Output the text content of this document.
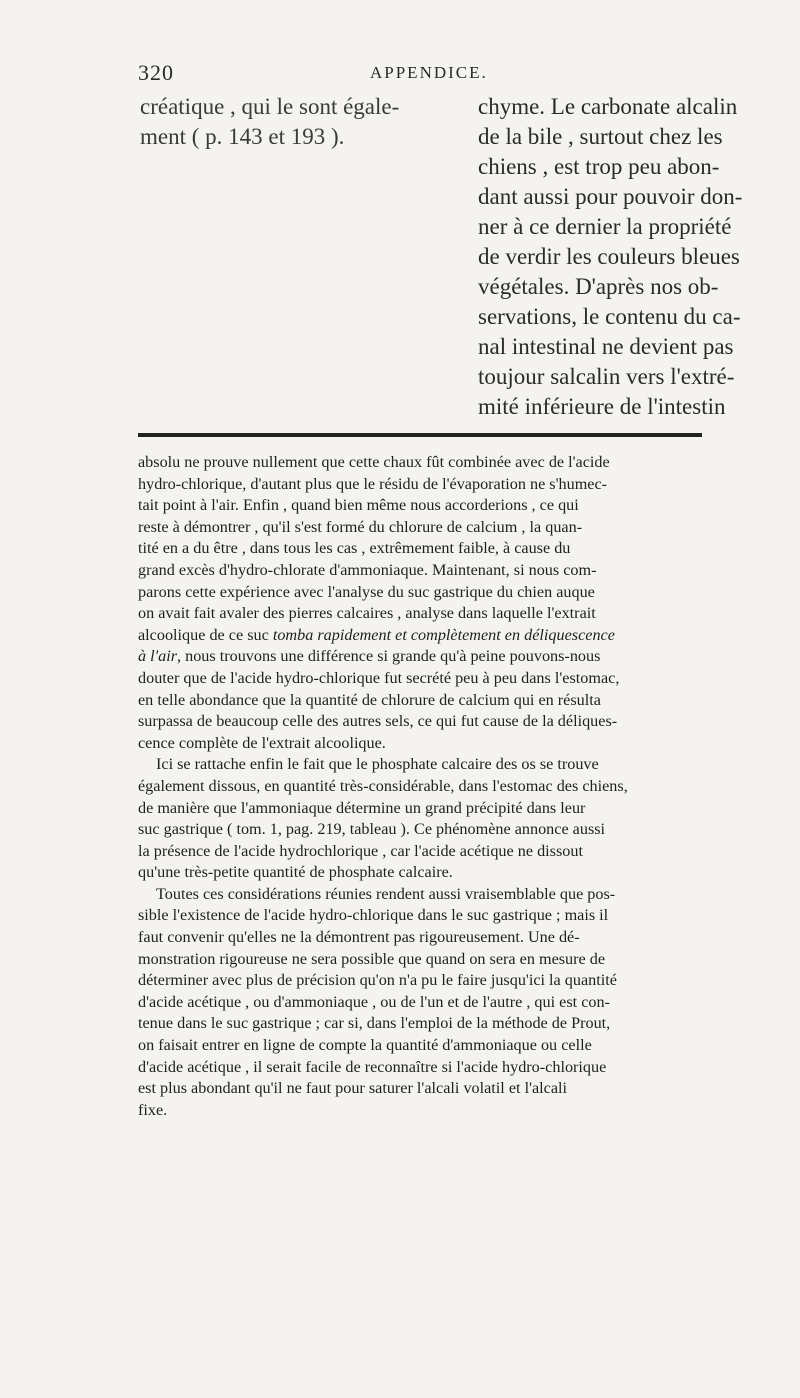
320	APPENDICE.
créatique , qui le sont égale-
ment ( p. 143 et 193 ).
chyme. Le carbonate alcalin
de la bile , surtout chez les
chiens , est trop peu abon-
dant aussi pour pouvoir don-
ner à ce dernier la propriété
de verdir les couleurs bleues
végétales. D'après nos ob-
servations, le contenu du ca-
nal intestinal ne devient pas
toujour salcalin vers l'extré-
mité inférieure de l'intestin
absolu ne prouve nullement que cette chaux fût combinée avec de l'acide
hydro-chlorique, d'autant plus que le résidu de l'évaporation ne s'humec-
tait point à l'air. Enfin , quand bien même nous accorderions , ce qui
reste à démontrer , qu'il s'est formé du chlorure de calcium , la quan-
tité en a du être , dans tous les cas , extrêmement faible, à cause du
grand excès d'hydro-chlorate d'ammoniaque. Maintenant, si nous com-
parons cette expérience avec l'analyse du suc gastrique du chien auque
on avait fait avaler des pierres calcaires , analyse dans laquelle l'extrait
alcoolique de ce suc tomba rapidement et complètement en déliquescence
à l'air, nous trouvons une différence si grande qu'à peine pouvons-nous
douter que de l'acide hydro-chlorique fut secrété peu à peu dans l'estomac,
en telle abondance que la quantité de chlorure de calcium qui en résulta
surpassa de beaucoup celle des autres sels, ce qui fut cause de la déliques-
cence complète de l'extrait alcoolique.
Ici se rattache enfin le fait que le phosphate calcaire des os se trouve
également dissous, en quantité très-considérable, dans l'estomac des chiens,
de manière que l'ammoniaque détermine un grand précipité dans leur
suc gastrique ( tom. 1, pag. 219, tableau ). Ce phénomène annonce aussi
la présence de l'acide hydrochlorique , car l'acide acétique ne dissout
qu'une très-petite quantité de phosphate calcaire.
Toutes ces considérations réunies rendent aussi vraisemblable que pos-
sible l'existence de l'acide hydro-chlorique dans le suc gastrique ; mais il
faut convenir qu'elles ne la démontrent pas rigoureusement. Une dé-
monstration rigoureuse ne sera possible que quand on sera en mesure de
déterminer avec plus de précision qu'on n'a pu le faire jusqu'ici la quantité
d'acide acétique , ou d'ammoniaque , ou de l'un et de l'autre , qui est con-
tenue dans le suc gastrique ; car si, dans l'emploi de la méthode de Prout,
on faisait entrer en ligne de compte la quantité d'ammoniaque ou celle
d'acide acétique , il serait facile de reconnaître si l'acide hydro-chlorique
est plus abondant qu'il ne faut pour saturer l'alcali volatil et l'alcali
fixe.
